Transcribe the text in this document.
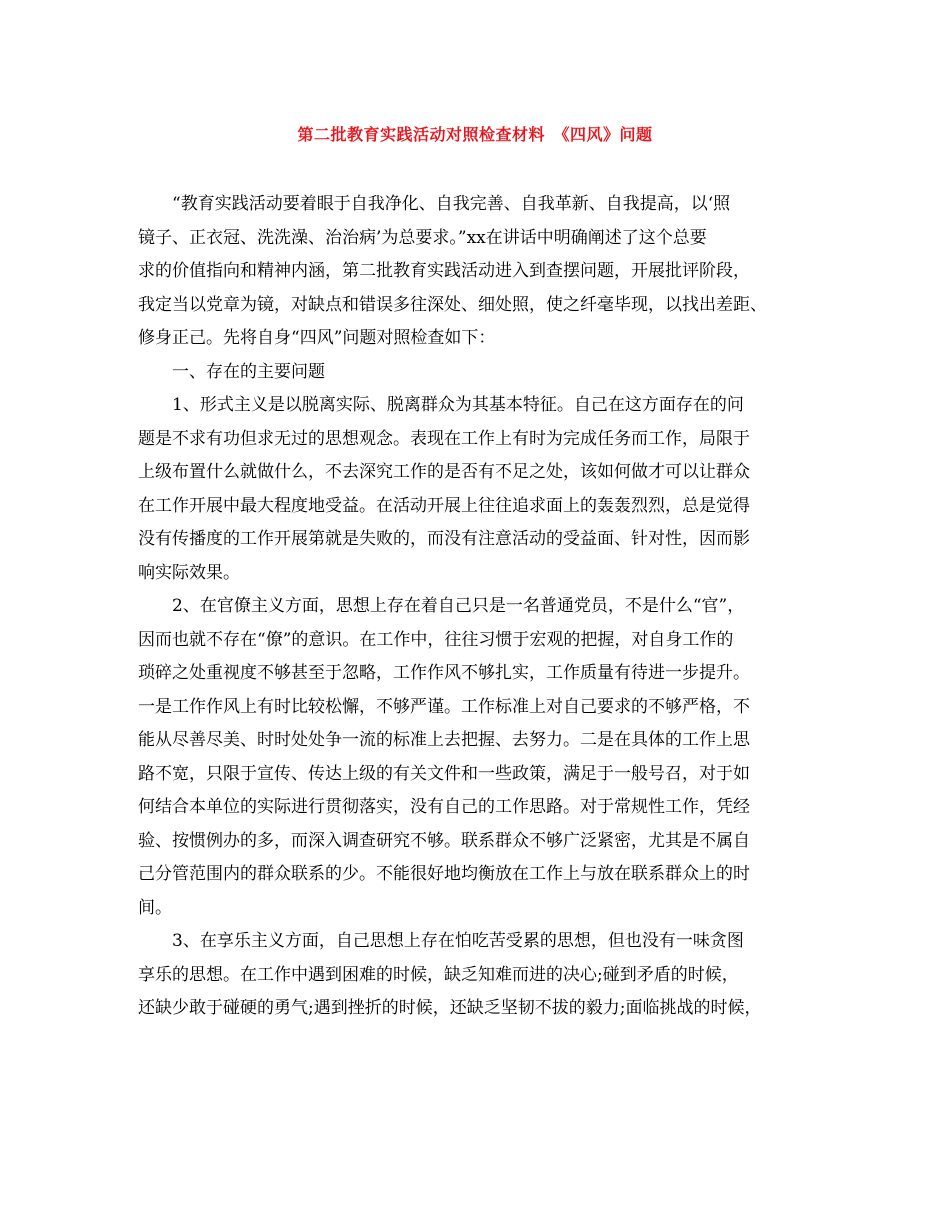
第二批教育实践活动对照检查材料　《四风》问题
“教育实践活动要着眼于自我净化、自我完善、自我革新、自我提高，以‘照
镜子、正衣冠、洗洗澡、治治病’为总要求。”xx在讲话中明确阐述了这个总要
求的价值指向和精神内涵，第二批教育实践活动进入到查摆问题，开展批评阶段，
我定当以党章为镜，对缺点和错误多往深处、细处照，使之纤毫毕现，以找出差距、
修身正己。先将自身“四风”问题对照检查如下：
一、存在的主要问题
1、形式主义是以脱离实际、脱离群众为其基本特征。自己在这方面存在的问
题是不求有功但求无过的思想观念。表现在工作上有时为完成任务而工作，局限于
上级布置什么就做什么，不去深究工作的是否有不足之处，该如何做才可以让群众
在工作开展中最大程度地受益。在活动开展上往往追求面上的轰轰烈烈，总是觉得
没有传播度的工作开展第就是失败的，而没有注意活动的受益面、针对性，因而影
响实际效果。
2、在官僚主义方面，思想上存在着自己只是一名普通党员，不是什么“官”，
因而也就不存在“僚”的意识。在工作中，往往习惯于宏观的把握，对自身工作的
琐碎之处重视度不够甚至于忽略，工作作风不够扎实，工作质量有待进一步提升。
一是工作作风上有时比较松懈，不够严谨。工作标准上对自己要求的不够严格，不
能从尽善尽美、时时处处争一流的标准上去把握、去努力。二是在具体的工作上思
路不宽，只限于宣传、传达上级的有关文件和一些政策，满足于一般号召，对于如
何结合本单位的实际进行贯彻落实，没有自己的工作思路。对于常规性工作，凭经
验、按惯例办的多，而深入调查研究不够。联系群众不够广泛紧密，尤其是不属自
己分管范围内的群众联系的少。不能很好地均衡放在工作上与放在联系群众上的时
间。
3、在享乐主义方面，自己思想上存在怕吃苦受累的思想，但也没有一味贪图
享乐的思想。在工作中遇到困难的时候，缺乏知难而进的决心;碰到矛盾的时候，
还缺少敢于碰硬的勇气;遇到挫折的时候，还缺乏坚韧不拔的毅力;面临挑战的时候，
